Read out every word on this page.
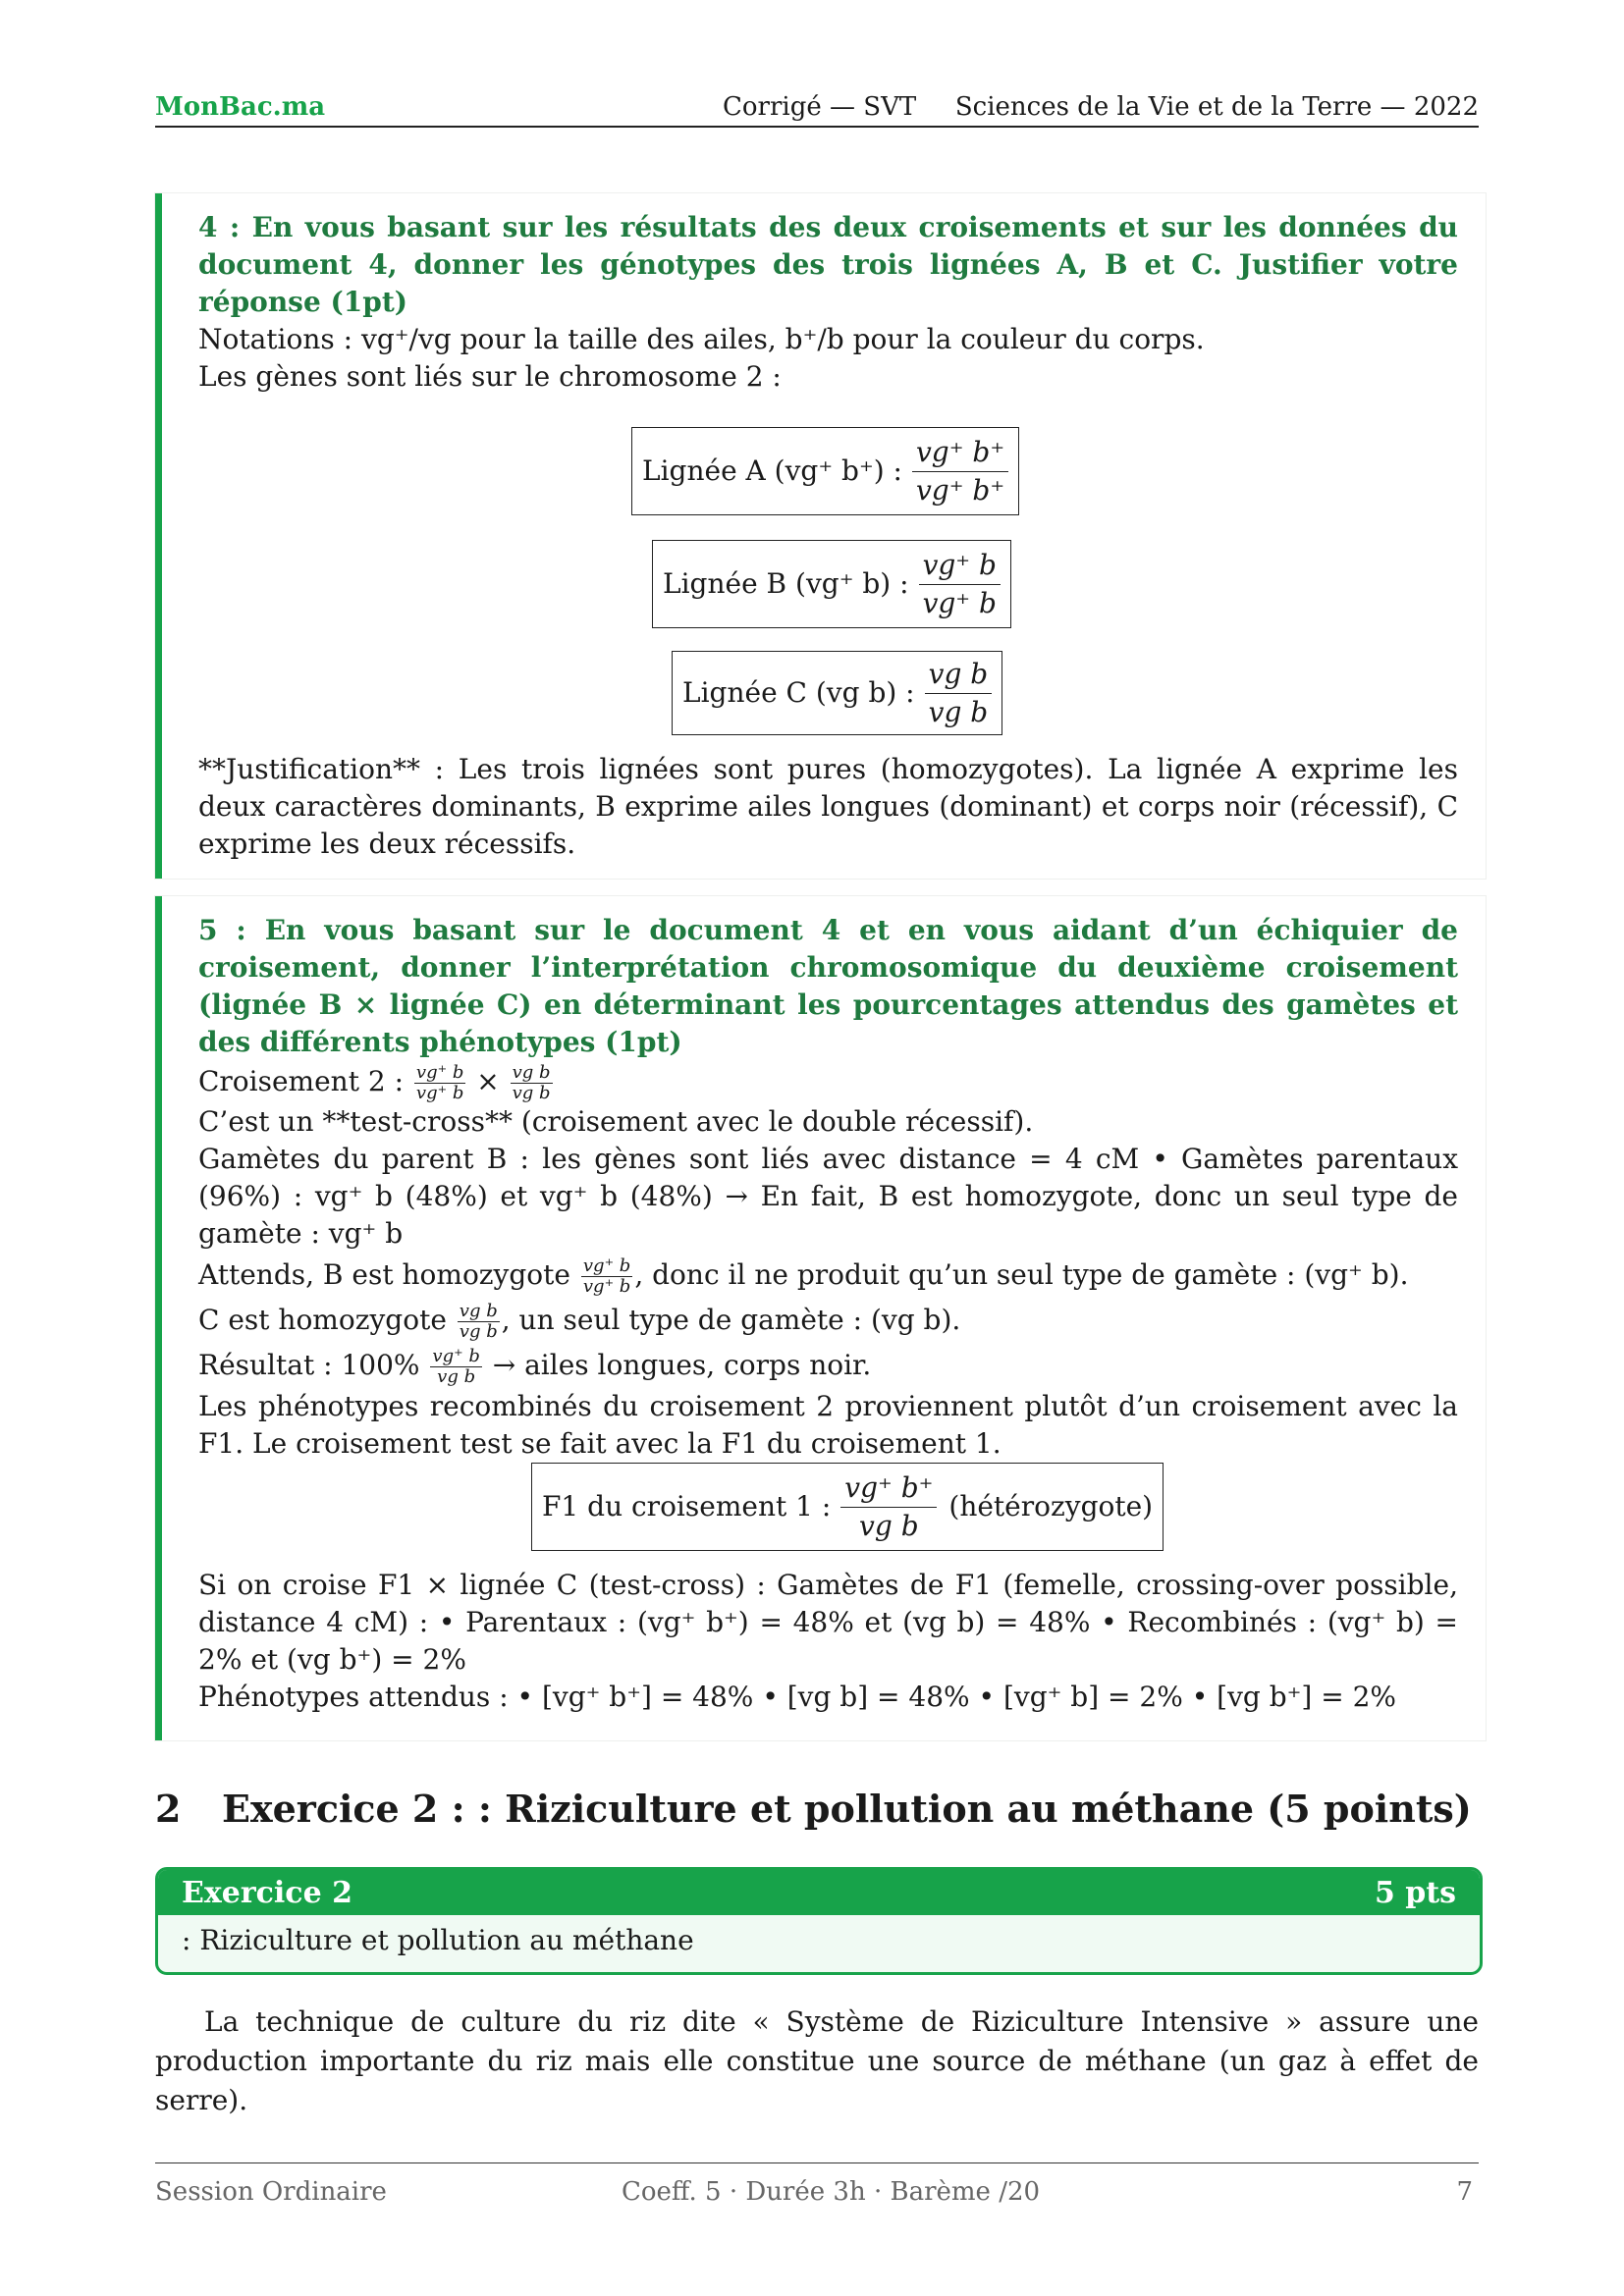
MonBac.ma	Corrigé — SVT Sciences de la Vie et de la Terre — 2022
4 : En vous basant sur les résultats des deux croisements et sur les données du document 4, donner les génotypes des trois lignées A, B et C. Justifier votre réponse (1pt)
Notations : vg⁺/vg pour la taille des ailes, b⁺/b pour la couleur du corps.
Les gènes sont liés sur le chromosome 2 :
Lignée A (vg⁺ b⁺) : $\frac{vg^+ b^+}{vg^+ b^+}$
Lignée B (vg⁺ b) : $\frac{vg^+ b}{vg^+ b}$
Lignée C (vg b) : $\frac{\text{vg b}}{\text{vg b}}$
**Justification** : Les trois lignées sont pures (homozygotes). La lignée A exprime les deux caractères dominants, B exprime ailes longues (dominant) et corps noir (récessif), C exprime les deux récessifs.
5 : En vous basant sur le document 4 et en vous aidant d’un échiquier de croisement, donner l’interprétation chromosomique du deuxième croisement (lignée B × lignée C) en déterminant les pourcentages attendus des gamètes et des différents phénotypes (1pt)
Croisement 2 : $\frac{vg^+ b}{vg^+ b} \times \frac{\text{vg b}}{\text{vg b}}$
C’est un **test-cross** (croisement avec le double récessif).
Gamètes du parent B : les gènes sont liés avec distance = 4 cM • Gamètes parentaux (96%) : vg⁺ b (48%) et vg⁺ b (48%) → En fait, B est homozygote, donc un seul type de gamète : vg⁺ b
Attends, B est homozygote $\frac{vg^+ b}{vg^+ b}$ , donc il ne produit qu’un seul type de gamète : (vg⁺ b).
C est homozygote $\frac{\text{vg b}}{\text{vg b}}$ , un seul type de gamète : (vg b).
Résultat : $100\% \frac{vg^+ b}{\text{vg b}}$ → ailes longues, corps noir.
Les phénotypes recombinés du croisement 2 proviennent plutôt d’un croisement avec la F1. Le croisement test se fait avec la F1 du croisement 1.
F1 du croisement 1 : $\frac{vg^+ b^+}{\text{vg b}}$ (hétérozygote)
Si on croise F1 × lignée C (test-cross) : Gamètes de F1 (femelle, crossing-over possible, distance 4 cM) : • Parentaux : (vg⁺ b⁺) = 48% et (vg b) = 48% • Recombinés : (vg⁺ b) = 2% et (vg b⁺) = 2%
Phénotypes attendus : • [vg⁺ b⁺] = 48% • [vg b] = 48% • [vg⁺ b] = 2% • [vg b⁺] = 2%
2 Exercice 2 : : Riziculture et pollution au méthane (5 points)
Exercice 2	5 pts
: Riziculture et pollution au méthane
La technique de culture du riz dite « Système de Riziculture Intensive » assure une production importante du riz mais elle constitue une source de méthane (un gaz à effet de serre).
Session Ordinaire	Coeff. 5 · Durée 3h · Barème /20	7
